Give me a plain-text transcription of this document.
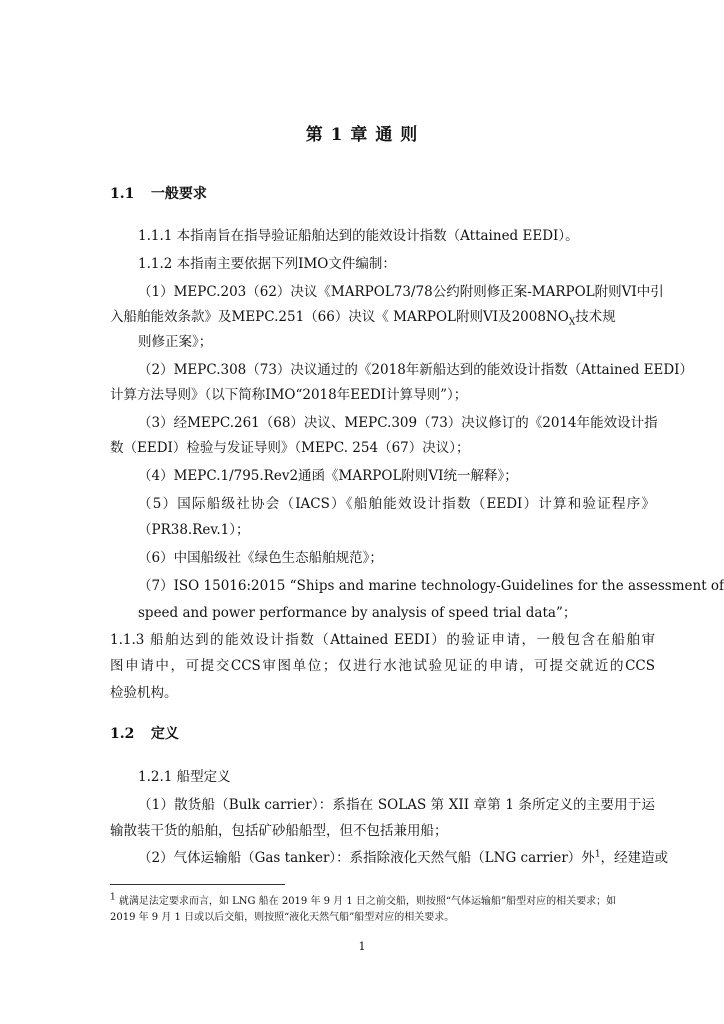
第 1 章 通 则
1.1 一般要求
1.1.1 本指南旨在指导验证船舶达到的能效设计指数（Attained EEDI）。
1.1.2 本指南主要依据下列IMO文件编制：
（1）MEPC.203（62）决议《MARPOL73/78公约附则修正案-MARPOL附则VI中引
入船舶能效条款》及MEPC.251（66）决议《 MARPOL附则VI及$2008NO_X$技术规
则修正案》；
（2）MEPC.308（73）决议通过的《2018年新船达到的能效设计指数（Attained EEDI）
计算方法导则》（以下简称IMO“2018年EEDI计算导则”）；
（3）经MEPC.261（68）决议、MEPC.309（73）决议修订的《2014年能效设计指
数（EEDI）检验与发证导则》（MEPC. 254（67）决议）；
（4）MEPC.1/795.Rev2通函《MARPOL附则VI统一解释》；
（5）国际船级社协会（IACS）《船舶能效设计指数（EEDI）计算和验证程序》
（PR38.Rev.1）；
（6）中国船级社《绿色生态船舶规范》；
（7）ISO 15016:2015 “Ships and marine technology-Guidelines for the assessment of
speed and power performance by analysis of speed trial data”；
1.1.3 船舶达到的能效设计指数（Attained EEDI）的验证申请，一般包含在船舶审
图申请中，可提交CCS审图单位；仅进行水池试验见证的申请，可提交就近的CCS
检验机构。
1.2 定义
1.2.1 船型定义
（1）散货船（Bulk carrier）：系指在 SOLAS 第 XII 章第 1 条所定义的主要用于运
输散装干货的船舶，包括矿砂船船型，但不包括兼用船；
（2）气体运输船（Gas tanker）：系指除液化天然气船（LNG carrier）外$^1$，经建造或
$^1$ 就满足法定要求而言，如 LNG 船在 2019 年 9 月 1 日之前交船，则按照“气体运输船”船型对应的相关要求；如
2019 年 9 月 1 日或以后交船，则按照“液化天然气船”船型对应的相关要求。
1
